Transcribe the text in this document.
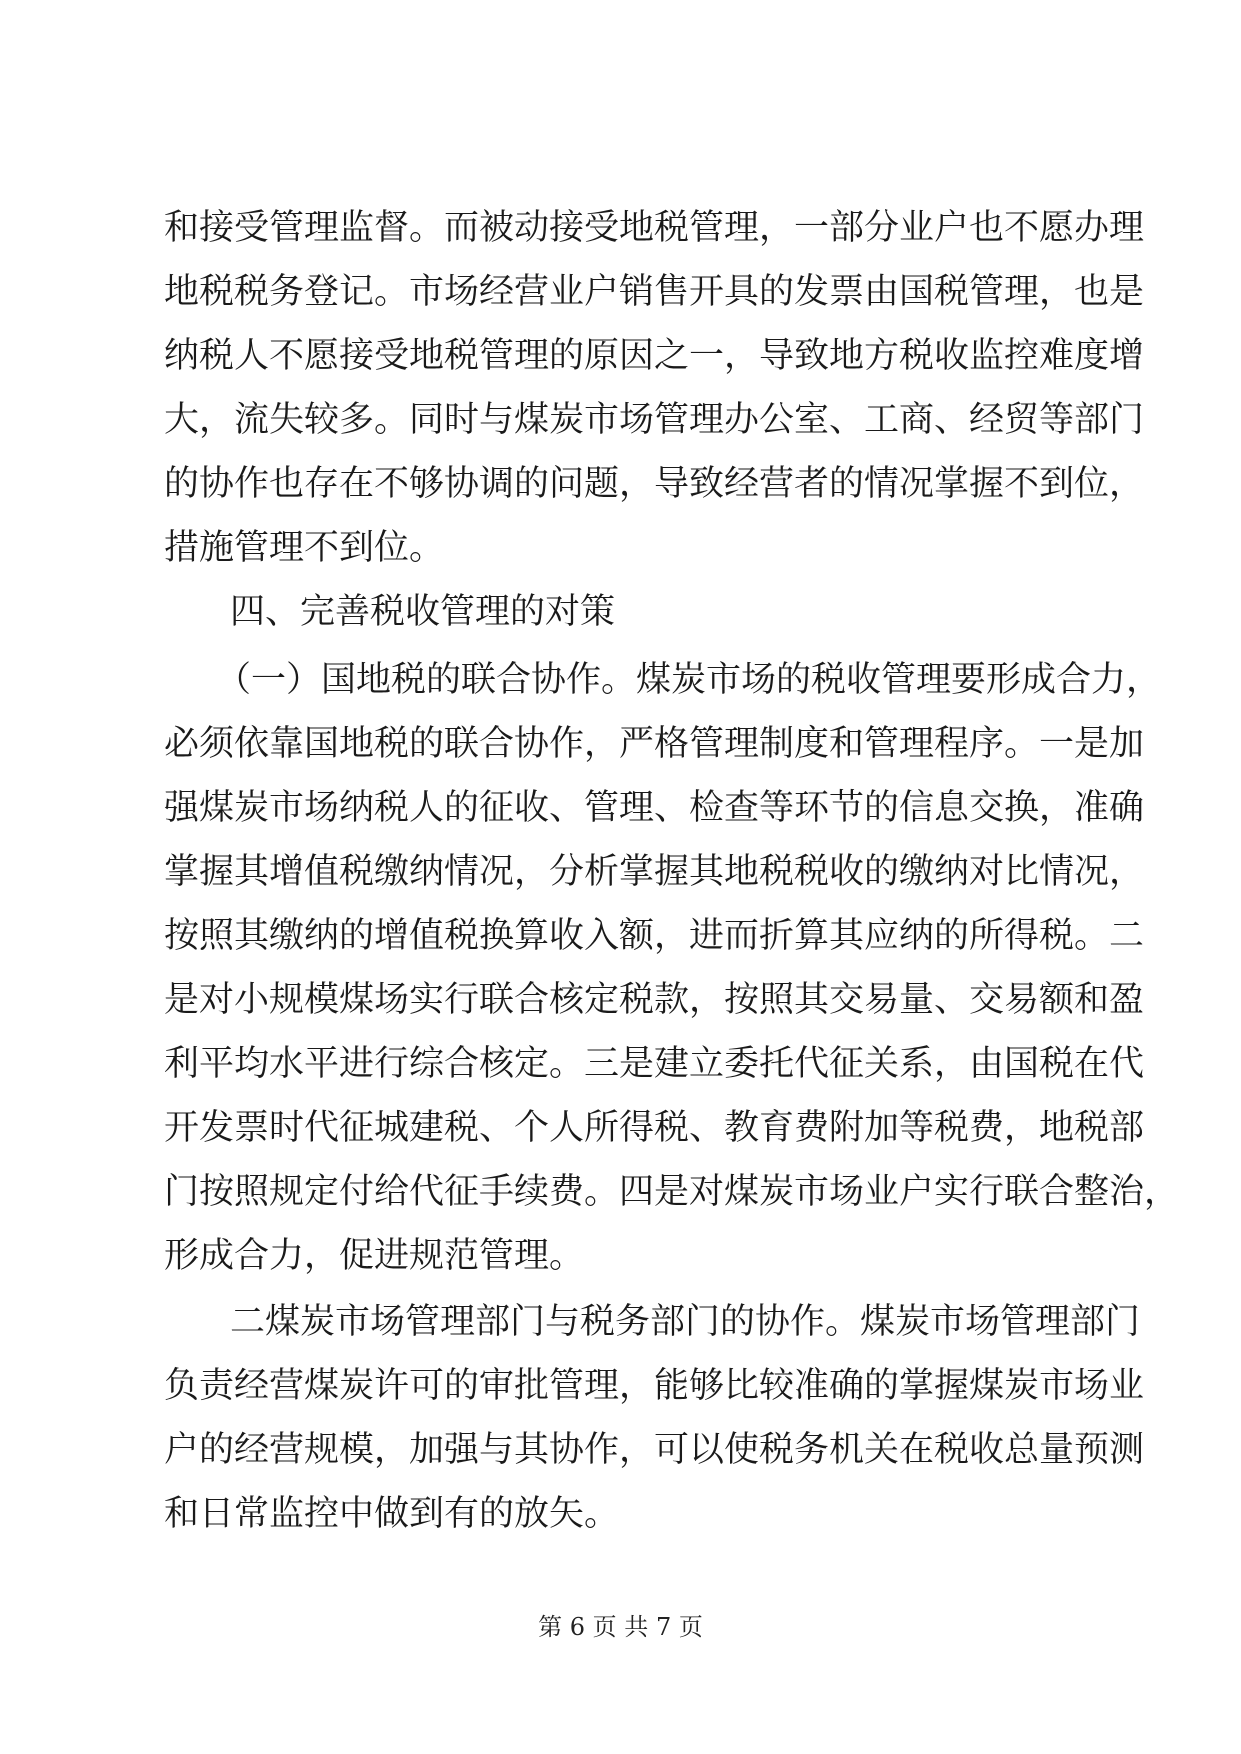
和接受管理监督。而被动接受地税管理，一部分业户也不愿办理
地税税务登记。市场经营业户销售开具的发票由国税管理，也是
纳税人不愿接受地税管理的原因之一，导致地方税收监控难度增
大，流失较多。同时与煤炭市场管理办公室、工商、经贸等部门
的协作也存在不够协调的问题，导致经营者的情况掌握不到位，
措施管理不到位。
四、完善税收管理的对策
（一）国地税的联合协作。煤炭市场的税收管理要形成合力，
必须依靠国地税的联合协作，严格管理制度和管理程序。一是加
强煤炭市场纳税人的征收、管理、检查等环节的信息交换，准确
掌握其增值税缴纳情况，分析掌握其地税税收的缴纳对比情况，
按照其缴纳的增值税换算收入额，进而折算其应纳的所得税。二
是对小规模煤场实行联合核定税款，按照其交易量、交易额和盈
利平均水平进行综合核定。三是建立委托代征关系，由国税在代
开发票时代征城建税、个人所得税、教育费附加等税费，地税部
门按照规定付给代征手续费。四是对煤炭市场业户实行联合整治，
形成合力，促进规范管理。
二煤炭市场管理部门与税务部门的协作。煤炭市场管理部门
负责经营煤炭许可的审批管理，能够比较准确的掌握煤炭市场业
户的经营规模，加强与其协作，可以使税务机关在税收总量预测
和日常监控中做到有的放矢。
第 6 页 共 7 页
